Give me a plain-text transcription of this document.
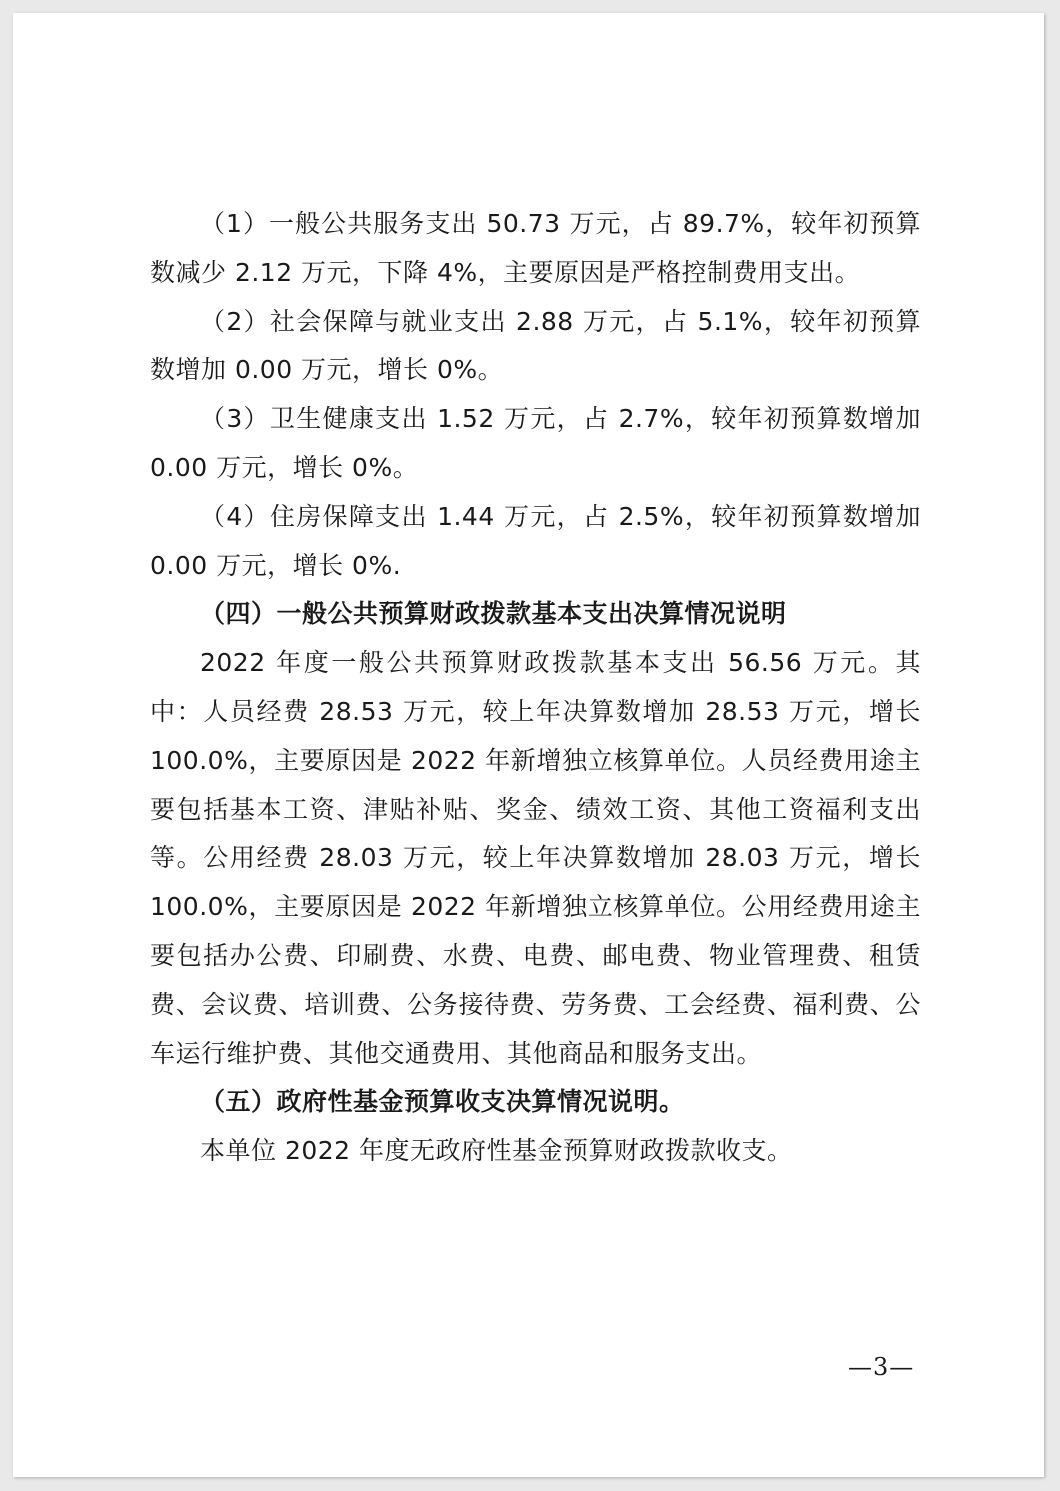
（1）一般公共服务支出 50.73 万元，占 89.7%，较年初预算数减少 2.12 万元，下降 4%，主要原因是严格控制费用支出。

（2）社会保障与就业支出 2.88 万元，占 5.1%，较年初预算数增加 0.00 万元，增长 0%。

（3）卫生健康支出 1.52 万元，占 2.7%，较年初预算数增加 0.00 万元，增长 0%。

（4）住房保障支出 1.44 万元，占 2.5%，较年初预算数增加 0.00 万元，增长 0%.

（四）一般公共预算财政拨款基本支出决算情况说明

2022 年度一般公共预算财政拨款基本支出 56.56 万元。其中：人员经费 28.53 万元，较上年决算数增加 28.53 万元，增长 100.0%，主要原因是 2022 年新增独立核算单位。人员经费用途主要包括基本工资、津贴补贴、奖金、绩效工资、其他工资福利支出等。公用经费 28.03 万元，较上年决算数增加 28.03 万元，增长 100.0%，主要原因是 2022 年新增独立核算单位。公用经费用途主要包括办公费、印刷费、水费、电费、邮电费、物业管理费、租赁费、会议费、培训费、公务接待费、劳务费、工会经费、福利费、公车运行维护费、其他交通费用、其他商品和服务支出。

（五）政府性基金预算收支决算情况说明。

本单位 2022 年度无政府性基金预算财政拨款收支。

—3—
